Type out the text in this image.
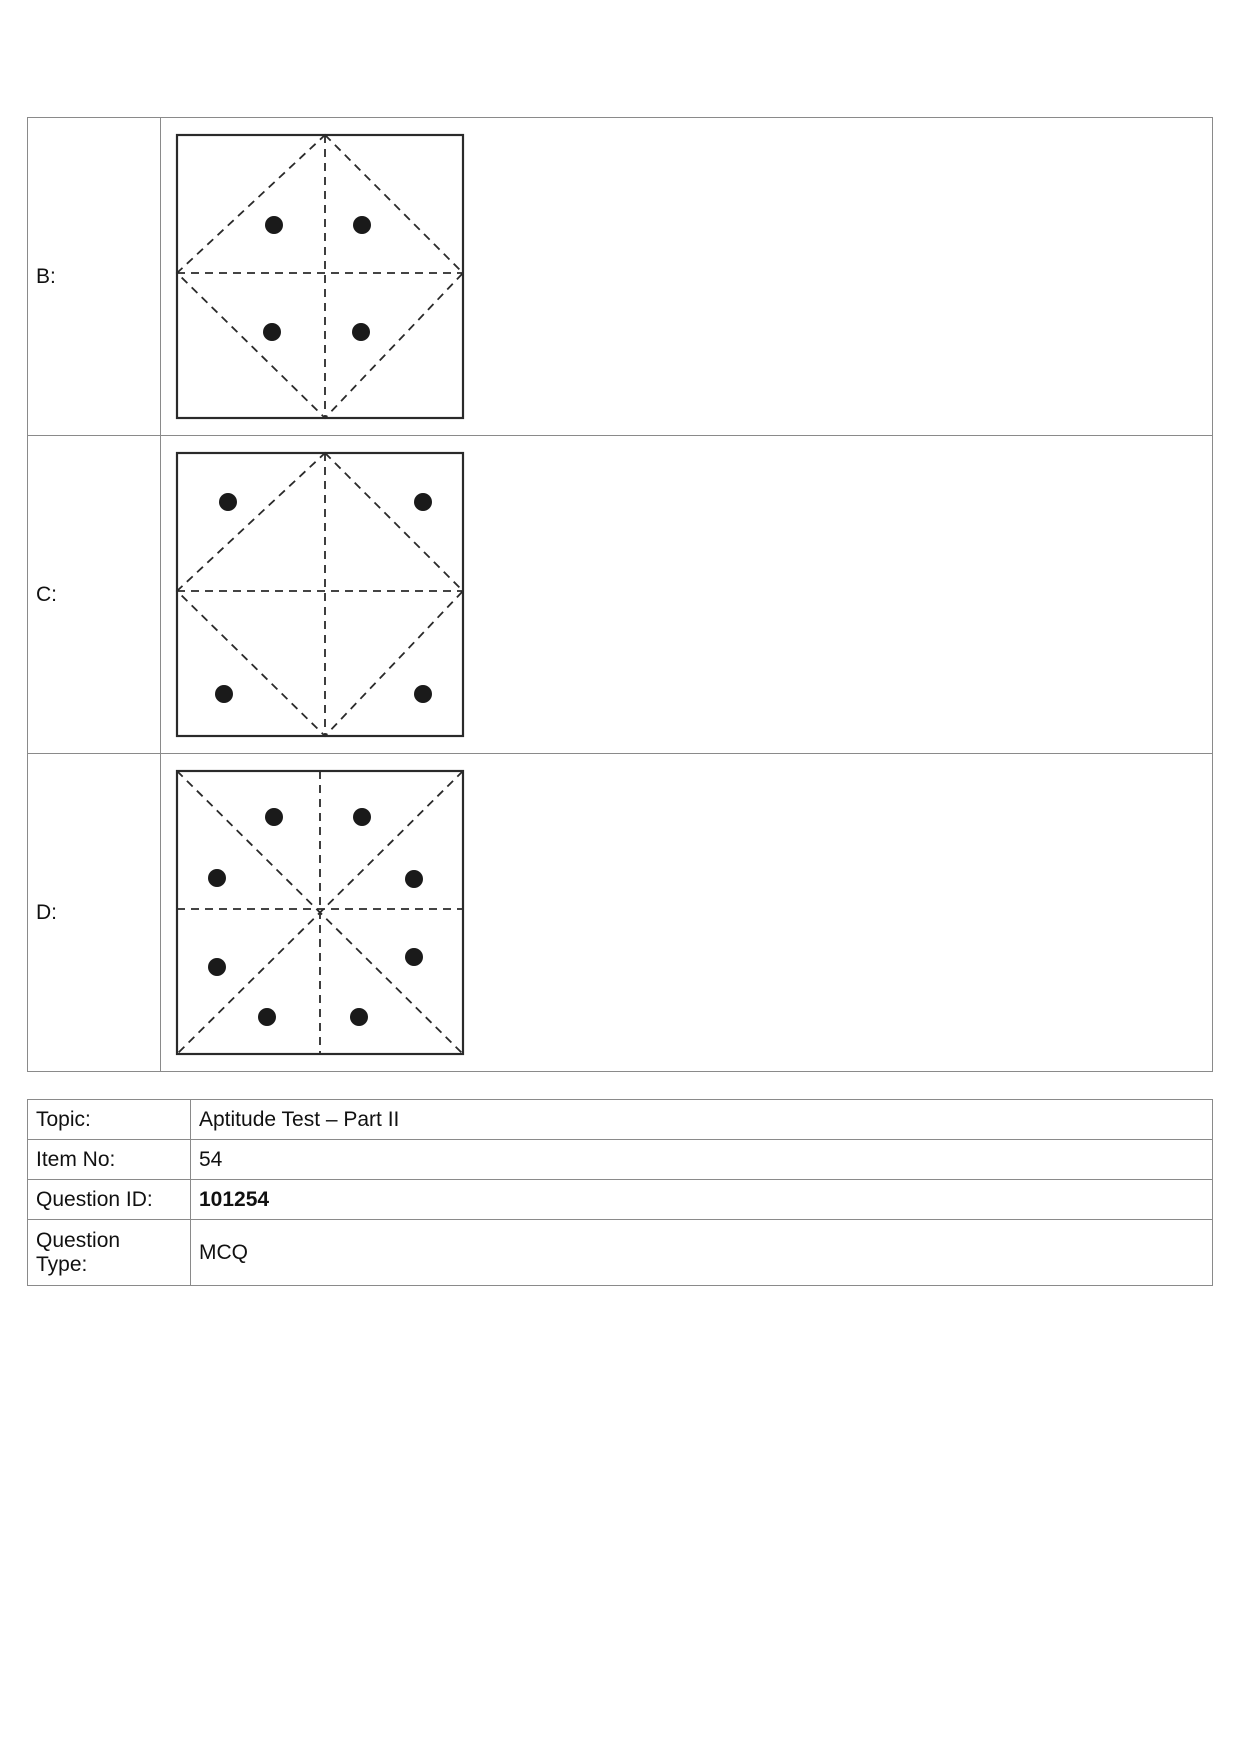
B:	

C:	

D:	
Topic:	Aptitude Test – Part II
Item No:	54
Question ID:	101254
Question
Type:	MCQ
